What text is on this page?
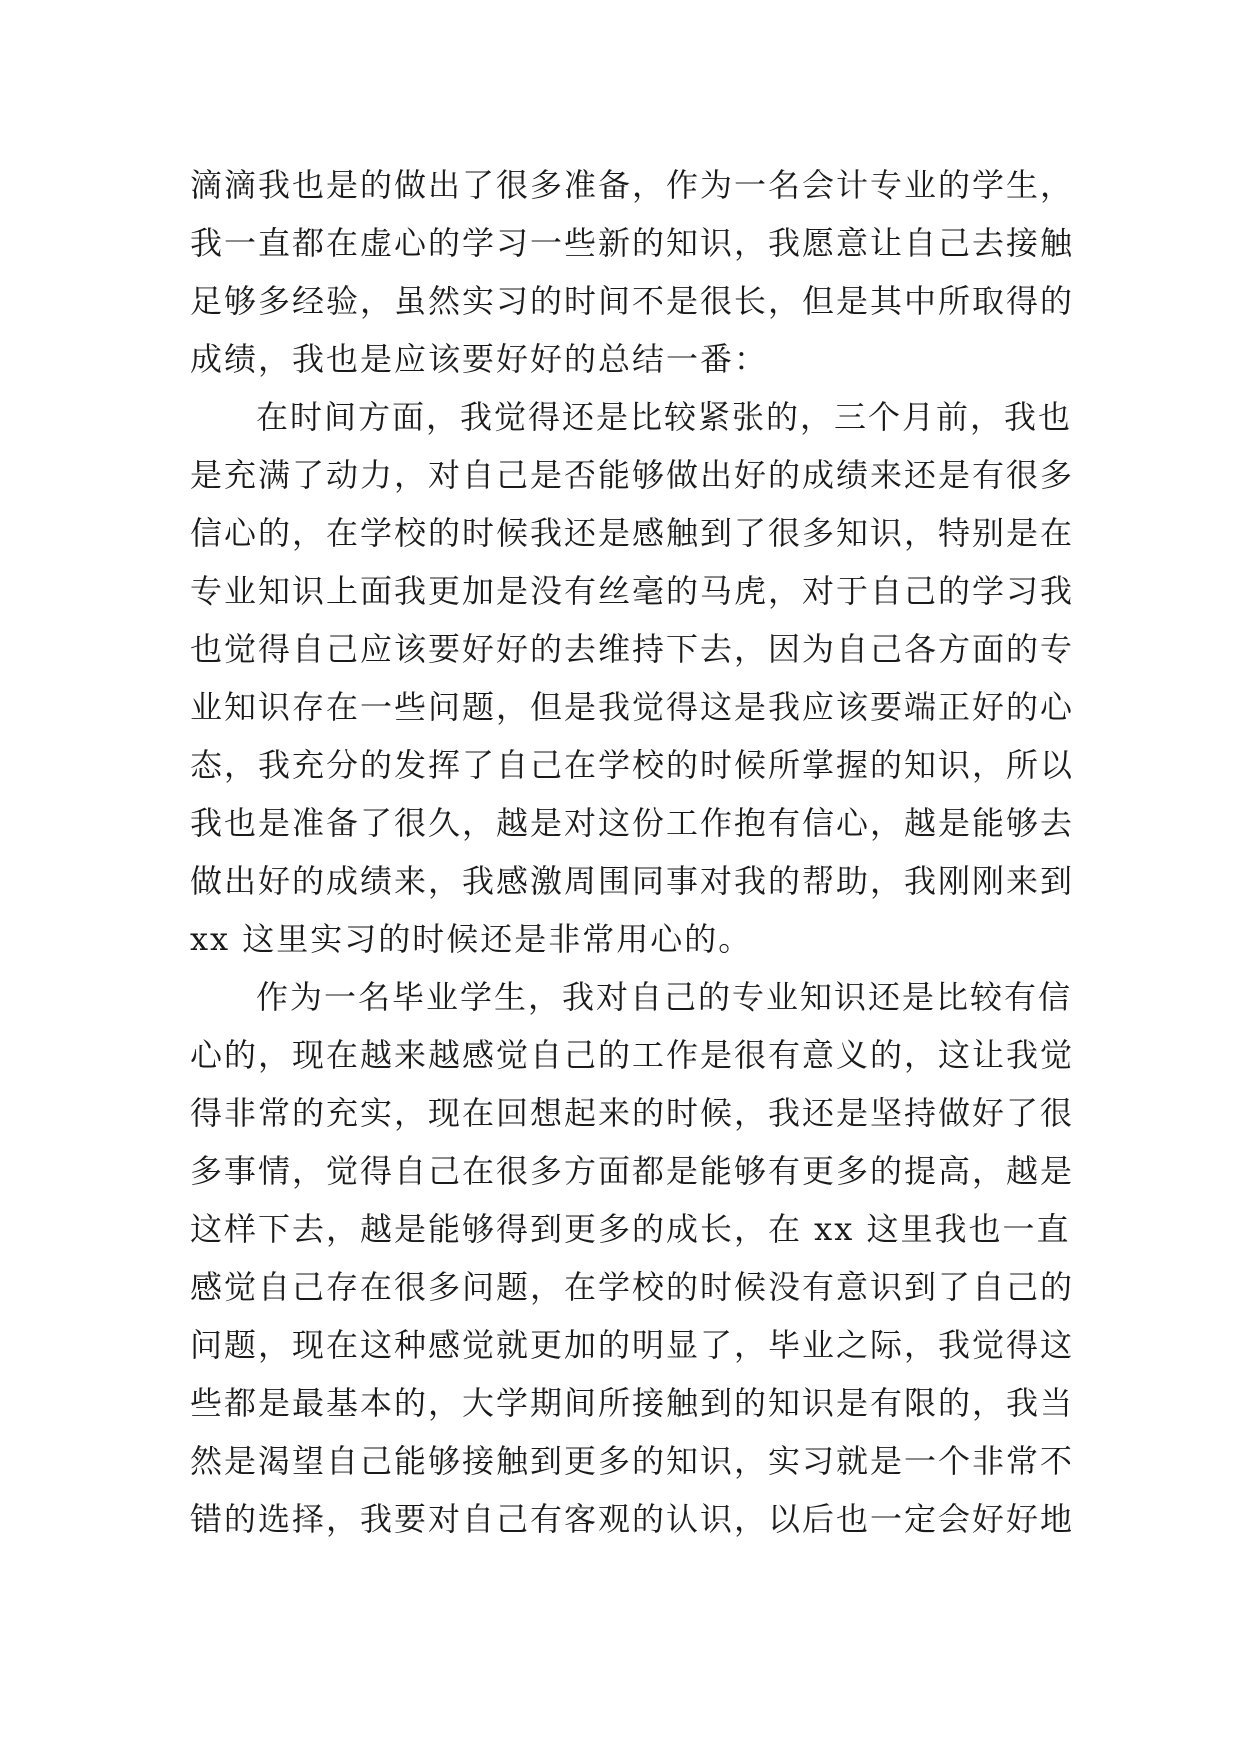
滴滴我也是的做出了很多准备，作为一名会计专业的学生，
我一直都在虚心的学习一些新的知识，我愿意让自己去接触
足够多经验，虽然实习的时间不是很长，但是其中所取得的
成绩，我也是应该要好好的总结一番：
在时间方面，我觉得还是比较紧张的，三个月前，我也
是充满了动力，对自己是否能够做出好的成绩来还是有很多
信心的，在学校的时候我还是感触到了很多知识，特别是在
专业知识上面我更加是没有丝毫的马虎，对于自己的学习我
也觉得自己应该要好好的去维持下去，因为自己各方面的专
业知识存在一些问题，但是我觉得这是我应该要端正好的心
态，我充分的发挥了自己在学校的时候所掌握的知识，所以
我也是准备了很久，越是对这份工作抱有信心，越是能够去
做出好的成绩来，我感激周围同事对我的帮助，我刚刚来到
xx 这里实习的时候还是非常用心的。
作为一名毕业学生，我对自己的专业知识还是比较有信
心的，现在越来越感觉自己的工作是很有意义的，这让我觉
得非常的充实，现在回想起来的时候，我还是坚持做好了很
多事情，觉得自己在很多方面都是能够有更多的提高，越是
这样下去，越是能够得到更多的成长，在 xx 这里我也一直
感觉自己存在很多问题，在学校的时候没有意识到了自己的
问题，现在这种感觉就更加的明显了，毕业之际，我觉得这
些都是最基本的，大学期间所接触到的知识是有限的，我当
然是渴望自己能够接触到更多的知识，实习就是一个非常不
错的选择，我要对自己有客观的认识，以后也一定会好好地
